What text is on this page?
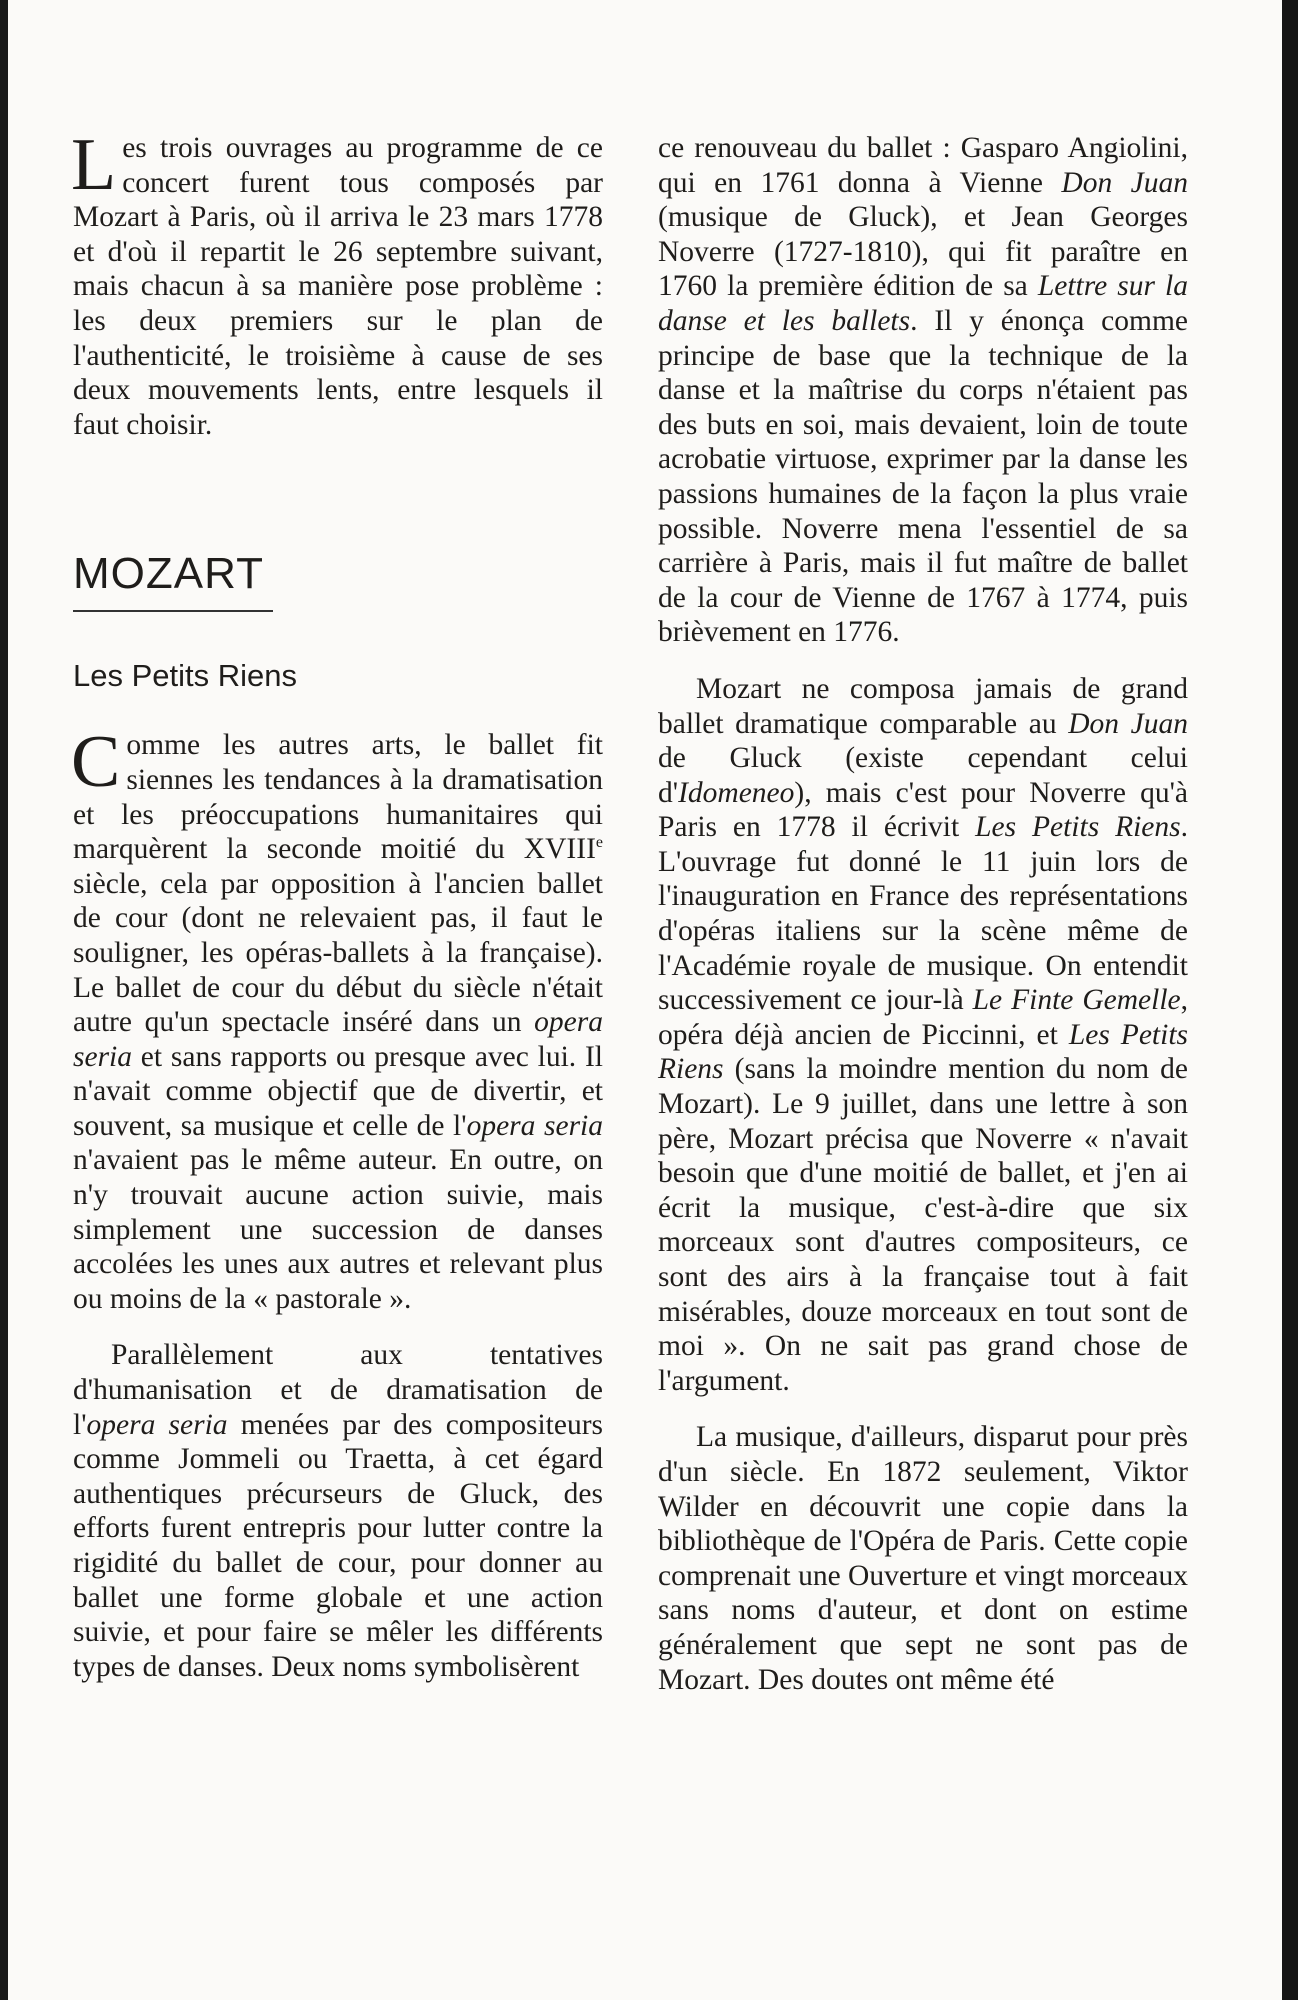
Les trois ouvrages au programme de ce concert furent tous composés par Mozart à Paris, où il arriva le 23 mars 1778 et d'où il repartit le 26 septembre suivant, mais chacun à sa manière pose problème : les deux premiers sur le plan de l'authenticité, le troisième à cause de ses deux mouvements lents, entre lesquels il faut choisir.

MOZART
Les Petits Riens

Comme les autres arts, le ballet fit siennes les tendances à la dramatisation et les préoccupations humanitaires qui marquèrent la seconde moitié du XVIIIe siècle, cela par opposition à l'ancien ballet de cour (dont ne relevaient pas, il faut le souligner, les opéras-ballets à la française). Le ballet de cour du début du siècle n'était autre qu'un spectacle inséré dans un opera seria et sans rapports ou presque avec lui. Il n'avait comme objectif que de divertir, et souvent, sa musique et celle de l'opera seria n'avaient pas le même auteur. En outre, on n'y trouvait aucune action suivie, mais simplement une succession de danses accolées les unes aux autres et relevant plus ou moins de la « pastorale ».

Parallèlement aux tentatives d'humanisation et de dramatisation de l'opera seria menées par des compositeurs comme Jommeli ou Traetta, à cet égard authentiques précurseurs de Gluck, des efforts furent entrepris pour lutter contre la rigidité du ballet de cour, pour donner au ballet une forme globale et une action suivie, et pour faire se mêler les différents types de danses. Deux noms symbolisèrent

ce renouveau du ballet : Gasparo Angiolini, qui en 1761 donna à Vienne Don Juan (musique de Gluck), et Jean Georges Noverre (1727-1810), qui fit paraître en 1760 la première édition de sa Lettre sur la danse et les ballets. Il y énonça comme principe de base que la technique de la danse et la maîtrise du corps n'étaient pas des buts en soi, mais devaient, loin de toute acrobatie virtuose, exprimer par la danse les passions humaines de la façon la plus vraie possible. Noverre mena l'essentiel de sa carrière à Paris, mais il fut maître de ballet de la cour de Vienne de 1767 à 1774, puis brièvement en 1776.

Mozart ne composa jamais de grand ballet dramatique comparable au Don Juan de Gluck (existe cependant celui d'Idomeneo), mais c'est pour Noverre qu'à Paris en 1778 il écrivit Les Petits Riens. L'ouvrage fut donné le 11 juin lors de l'inauguration en France des représentations d'opéras italiens sur la scène même de l'Académie royale de musique. On entendit successivement ce jour-là Le Finte Gemelle, opéra déjà ancien de Piccinni, et Les Petits Riens (sans la moindre mention du nom de Mozart). Le 9 juillet, dans une lettre à son père, Mozart précisa que Noverre « n'avait besoin que d'une moitié de ballet, et j'en ai écrit la musique, c'est-à-dire que six morceaux sont d'autres compositeurs, ce sont des airs à la française tout à fait misérables, douze morceaux en tout sont de moi ». On ne sait pas grand chose de l'argument.

La musique, d'ailleurs, disparut pour près d'un siècle. En 1872 seulement, Viktor Wilder en découvrit une copie dans la bibliothèque de l'Opéra de Paris. Cette copie comprenait une Ouverture et vingt morceaux sans noms d'auteur, et dont on estime généralement que sept ne sont pas de Mozart. Des doutes ont même été
